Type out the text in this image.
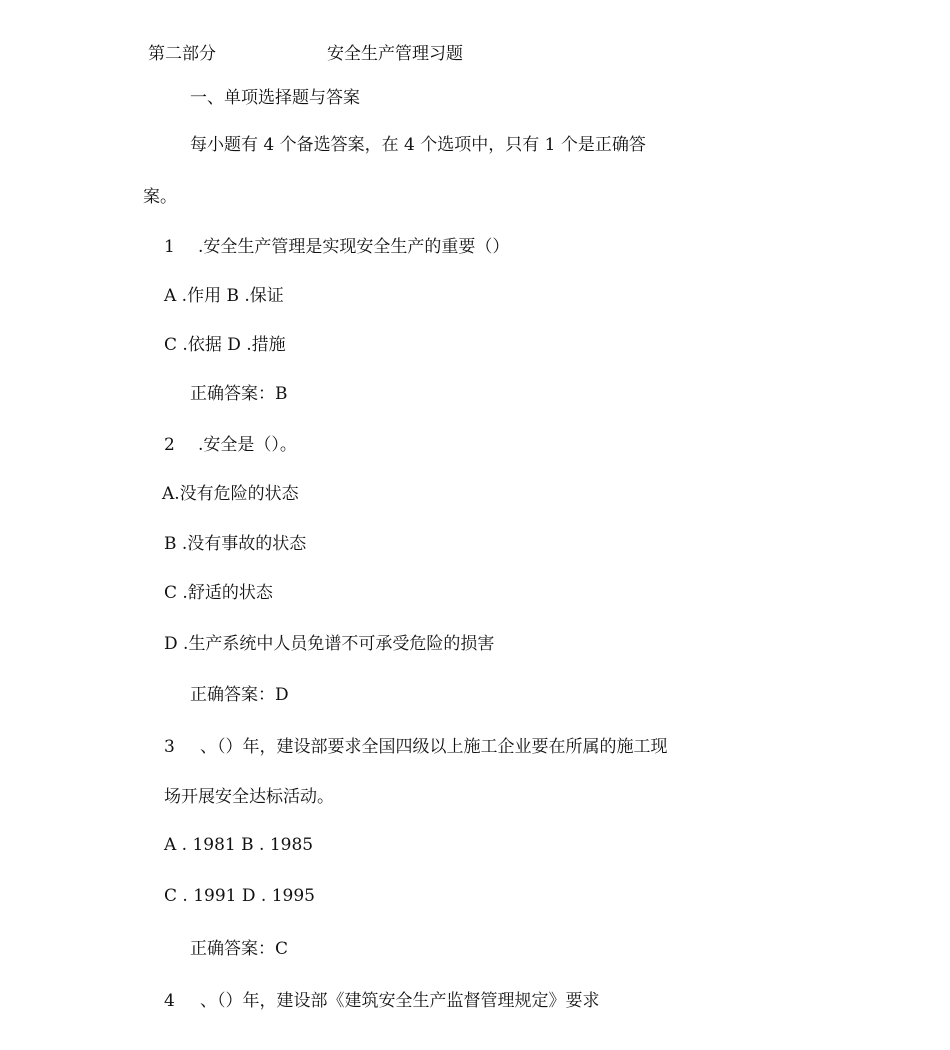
第二部分	安全生产管理习题
一、单项选择题与答案
每小题有 4 个备选答案，在 4 个选项中，只有 1 个是正确答
案。
1 .安全生产管理是实现安全生产的重要（）
A .作用 B .保证
C .依据 D .措施
正确答案：B
2 .安全是（）。
A.没有危险的状态
B .没有事故的状态
C .舒适的状态
D .生产系统中人员免谱不可承受危险的损害
正确答案：D
3 、（）年，建设部要求全国四级以上施工企业要在所属的施工现
场开展安全达标活动。
A . 1981 B . 1985
C . 1991 D . 1995
正确答案：C
4 、（）年，建设部《建筑安全生产监督管理规定》要求
